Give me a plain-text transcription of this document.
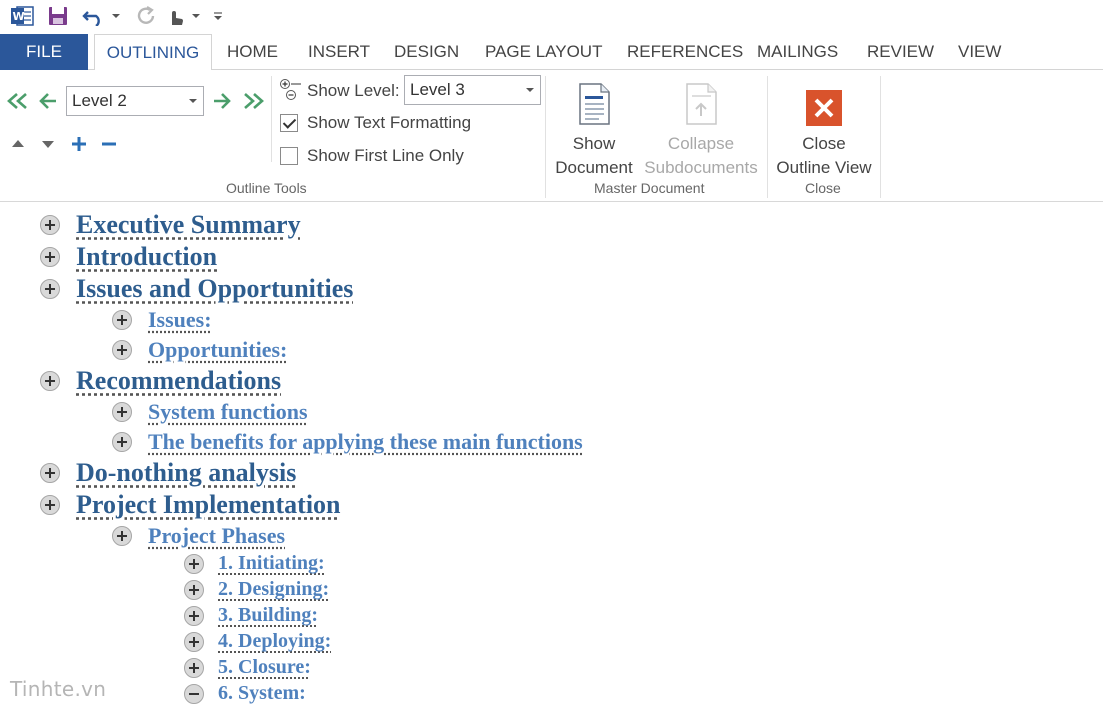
W
FILE	OUTLINING	HOME INSERT DESIGN PAGE LAYOUT REFERENCES MAILINGS REVIEW VIEW
Level 2
Show Level: Level 3
Show Text Formatting
Show First Line Only
Outline Tools
Show
Document
Collapse
Subdocuments
Master Document
Close
Outline View
Close
Executive Summary
Introduction
Issues and Opportunities
Issues:
Opportunities:
Recommendations
System functions
The benefits for applying these main functions
Do-nothing analysis
Project Implementation
Project Phases
1. Initiating:
2. Designing:
3. Building:
4. Deploying:
5. Closure:
6. System:
Tinhte.vn
